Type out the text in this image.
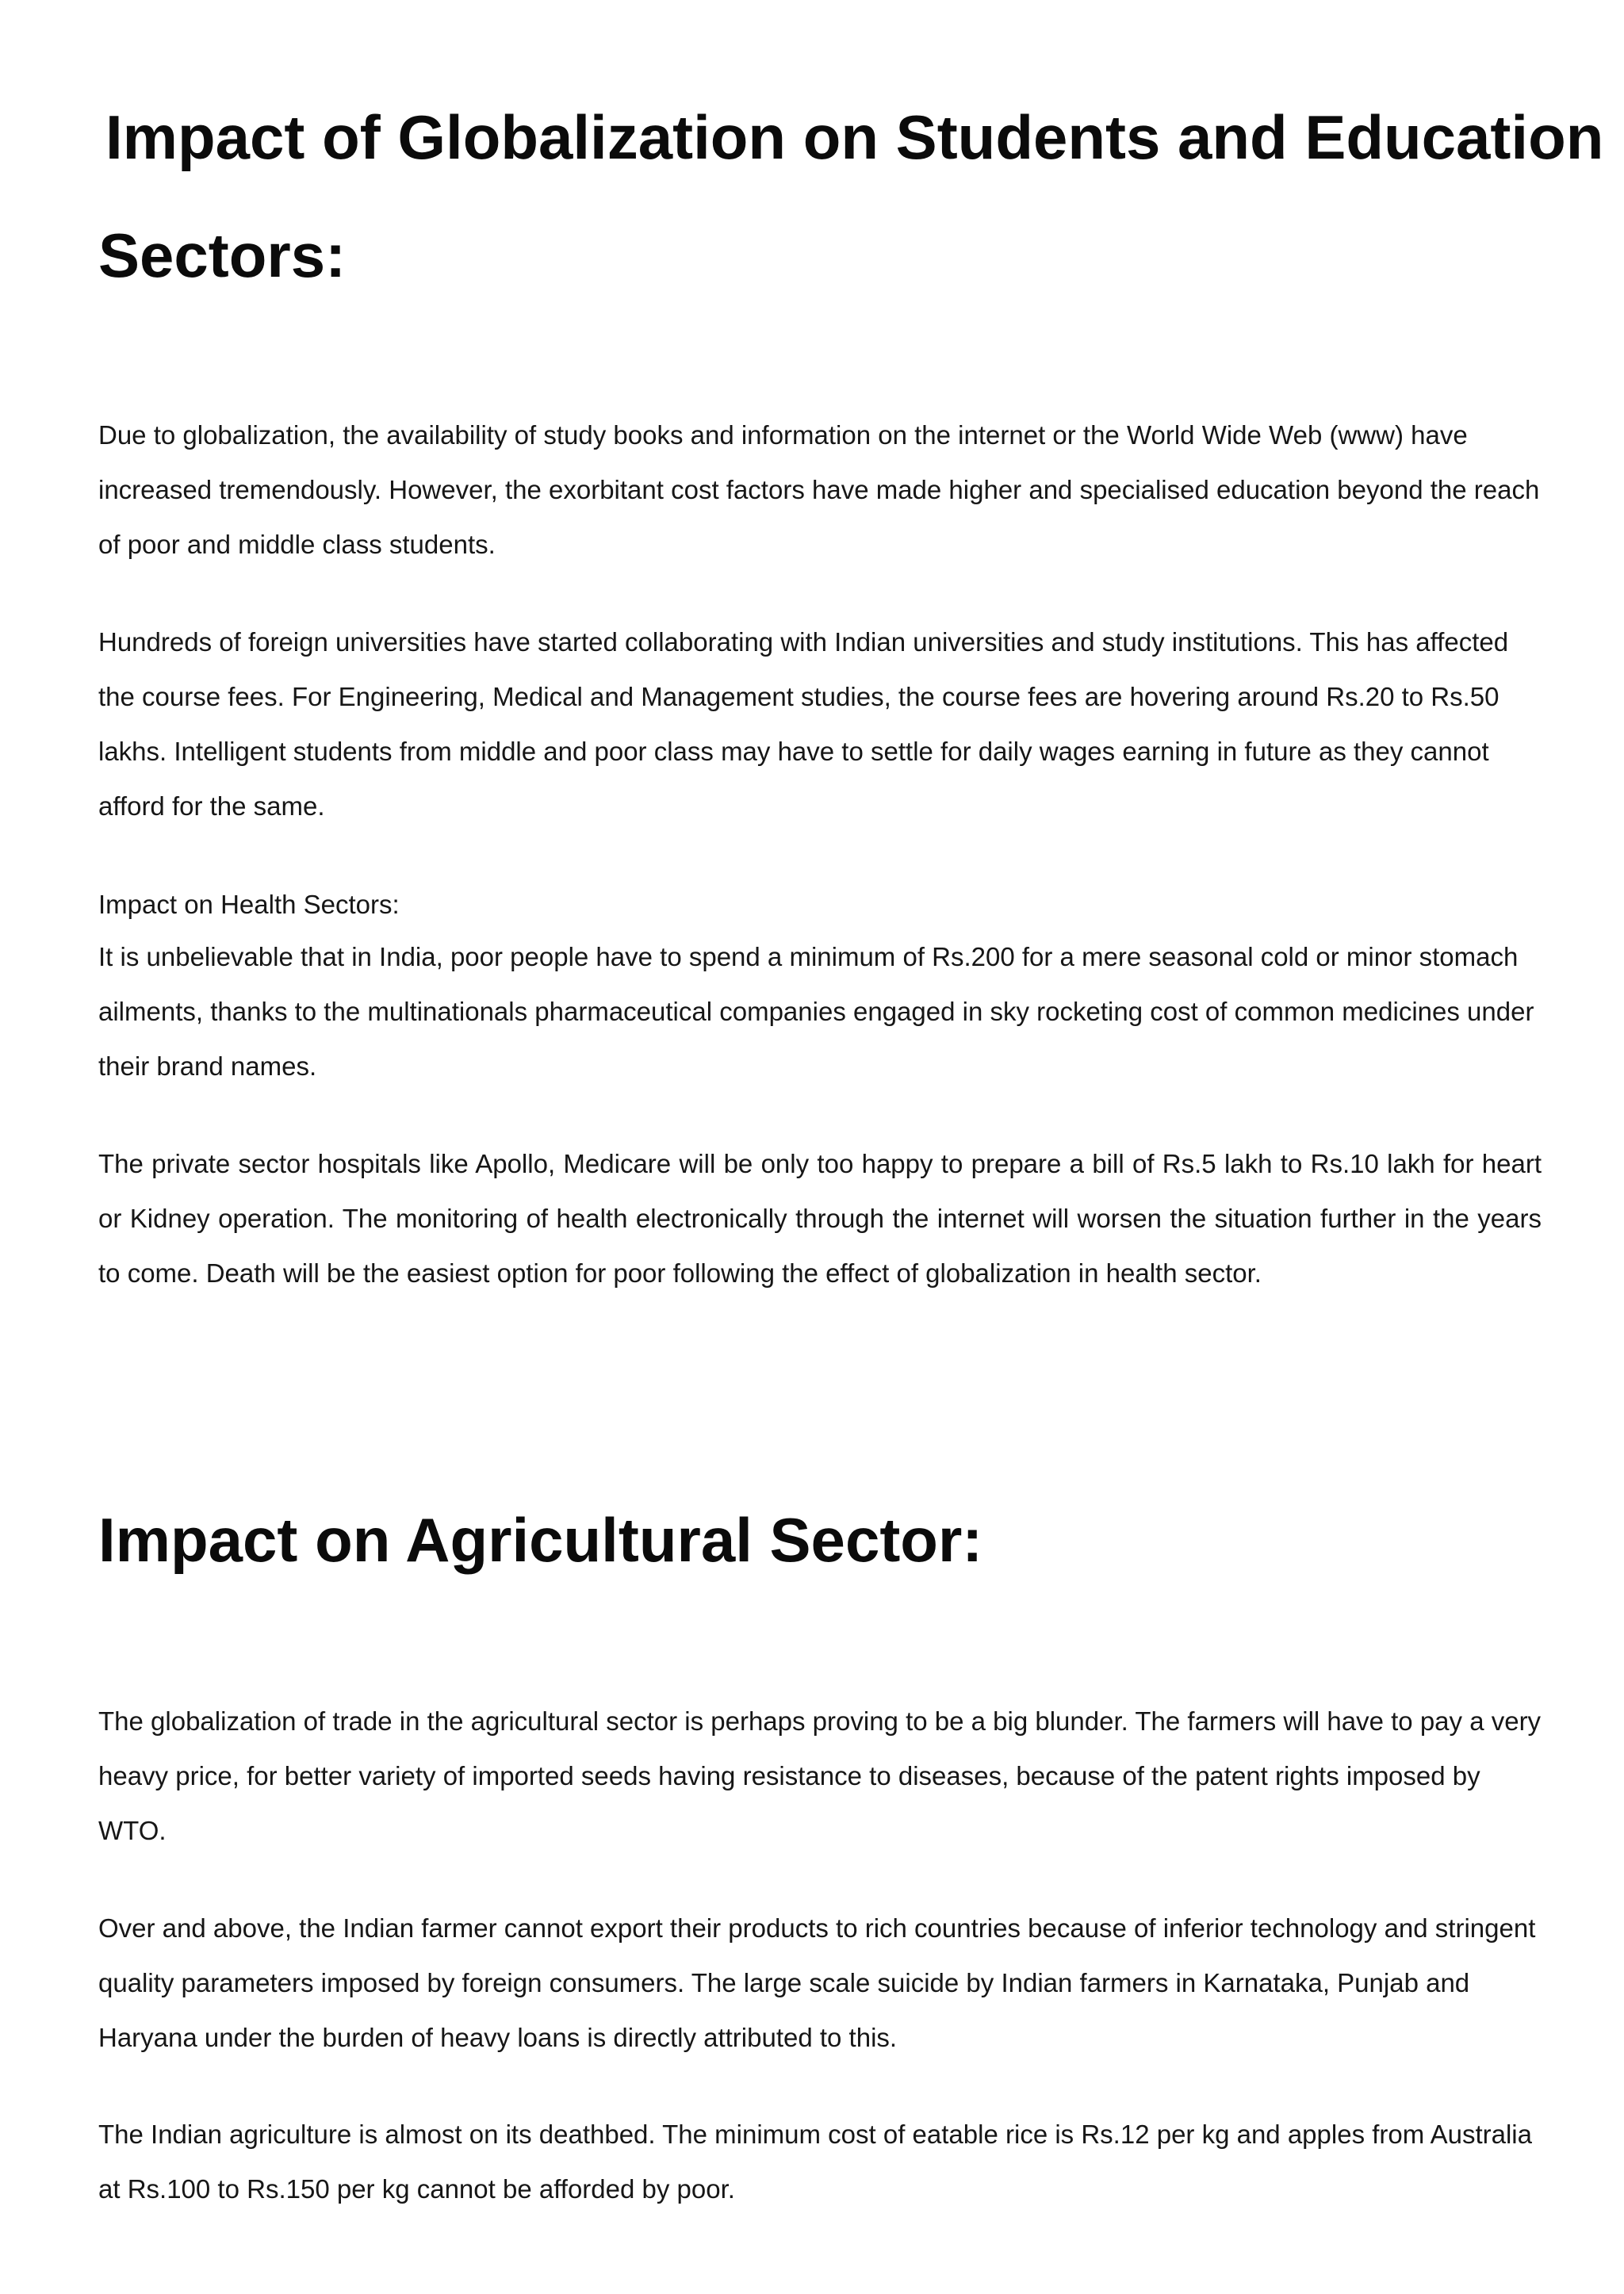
Impact of Globalization on Students and Education
Sectors:

Due to globalization, the availability of study books and information on the internet or the World Wide Web (www) have increased tremendously. However, the exorbitant cost factors have made higher and specialised education beyond the reach of poor and middle class students.

Hundreds of foreign universities have started collaborating with Indian universities and study institutions. This has affected the course fees. For Engineering, Medical and Management studies, the course fees are hovering around Rs.20 to Rs.50 lakhs. Intelligent students from middle and poor class may have to settle for daily wages earning in future as they cannot afford for the same.

Impact on Health Sectors:

It is unbelievable that in India, poor people have to spend a minimum of Rs.200 for a mere seasonal cold or minor stomach ailments, thanks to the multinationals pharmaceutical companies engaged in sky rocketing cost of common medicines under their brand names.

The private sector hospitals like Apollo, Medicare will be only too happy to prepare a bill of Rs.5 lakh to Rs.10 lakh for heart or Kidney operation. The monitoring of health electronically through the internet will worsen the situation further in the years to come. Death will be the easiest option for poor following the effect of globalization in health sector.

Impact on Agricultural Sector:

The globalization of trade in the agricultural sector is perhaps proving to be a big blunder. The farmers will have to pay a very heavy price, for better variety of imported seeds having resistance to diseases, because of the patent rights imposed by WTO.

Over and above, the Indian farmer cannot export their products to rich countries because of inferior technology and stringent quality parameters imposed by foreign consumers. The large scale suicide by Indian farmers in Karnataka, Punjab and Haryana under the burden of heavy loans is directly attributed to this.

The Indian agriculture is almost on its deathbed. The minimum cost of eatable rice is Rs.12 per kg and apples from Australia at Rs.100 to Rs.150 per kg cannot be afforded by poor.
